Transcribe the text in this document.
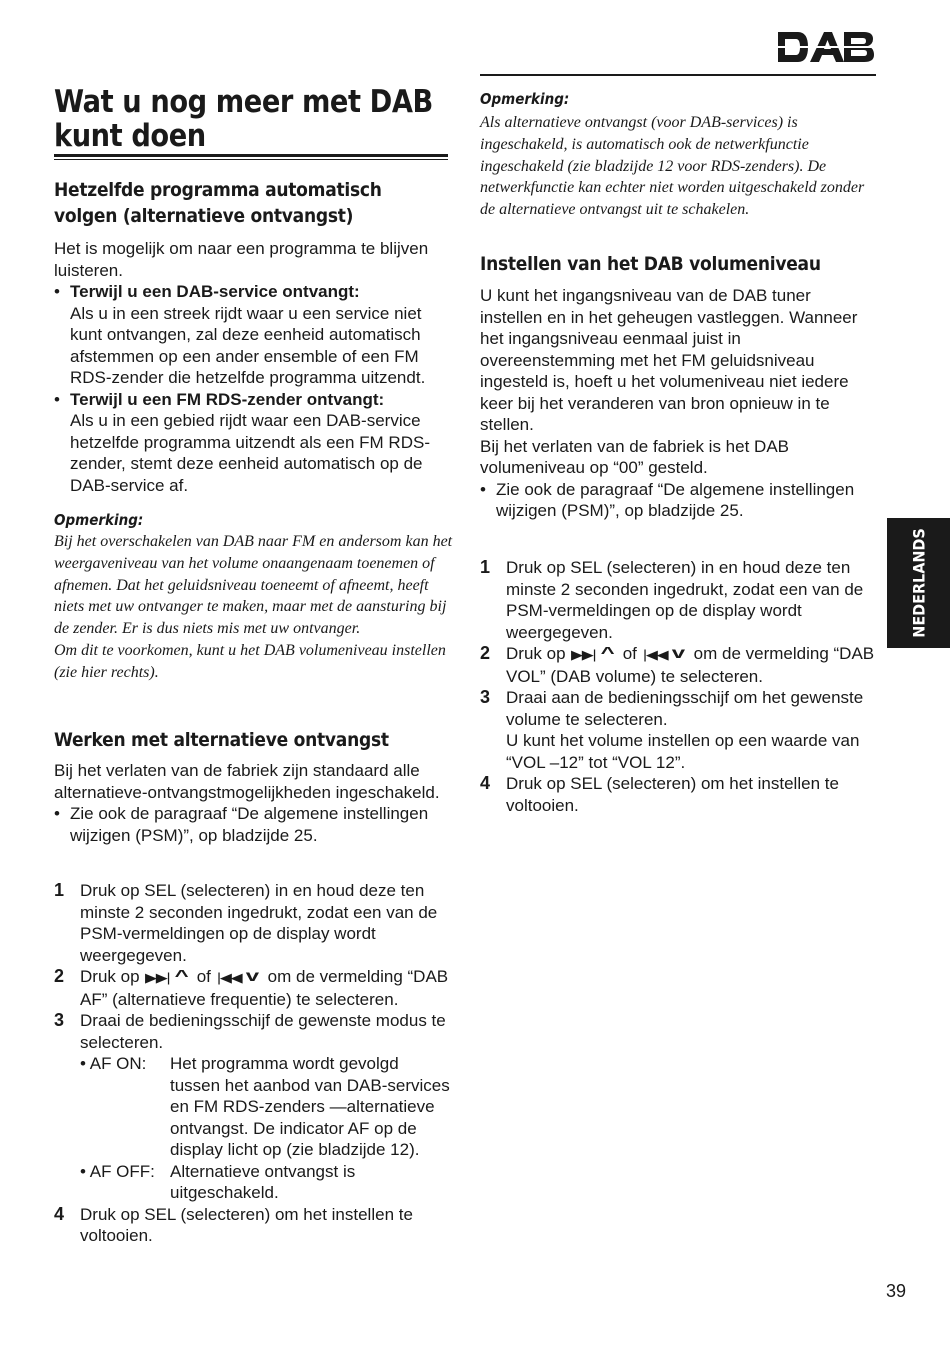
Wat u nog meer met DAB kunt doen
Hetzelfde programma automatisch volgen (alternatieve ontvangst)
Het is mogelijk om naar een programma te blijven luisteren.
• Terwijl u een DAB-service ontvangt:
Als u in een streek rijdt waar u een service niet kunt ontvangen, zal deze eenheid automatisch afstemmen op een ander ensemble of een FM RDS-zender die hetzelfde programma uitzendt.
• Terwijl u een FM RDS-zender ontvangt:
Als u in een gebied rijdt waar een DAB-service hetzelfde programma uitzendt als een FM RDS-zender, stemt deze eenheid automatisch op de DAB-service af.
Opmerking:
Bij het overschakelen van DAB naar FM en andersom kan het weergaveniveau van het volume onaangenaam toenemen of afnemen. Dat het geluidsniveau toeneemt of afneemt, heeft niets met uw ontvanger te maken, maar met de aansturing bij de zender. Er is dus niets mis met uw ontvanger.
Om dit te voorkomen, kunt u het DAB volumeniveau instellen (zie hier rechts).
Werken met alternatieve ontvangst
Bij het verlaten van de fabriek zijn standaard alle alternatieve-ontvangstmogelijkheden ingeschakeld.
• Zie ook de paragraaf “De algemene instellingen wijzigen (PSM)”, op bladzijde 25.
1 Druk op SEL (selecteren) in en houd deze ten minste 2 seconden ingedrukt, zodat een van de PSM-vermeldingen op de display wordt weergegeven.
2 Druk op ▶▶| ^ of |◀◀ v om de vermelding “DAB AF” (alternatieve frequentie) te selecteren.
3 Draai de bedieningsschijf de gewenste modus te selecteren.
• AF ON: Het programma wordt gevolgd tussen het aanbod van DAB-services en FM RDS-zenders —alternatieve ontvangst. De indicator AF op de display licht op (zie bladzijde 12).
• AF OFF: Alternatieve ontvangst is uitgeschakeld.
4 Druk op SEL (selecteren) om het instellen te voltooien.
Opmerking:
Als alternatieve ontvangst (voor DAB-services) is ingeschakeld, is automatisch ook de netwerkfunctie ingeschakeld (zie bladzijde 12 voor RDS-zenders). De netwerkfunctie kan echter niet worden uitgeschakeld zonder de alternatieve ontvangst uit te schakelen.
Instellen van het DAB volumeniveau
U kunt het ingangsniveau van de DAB tuner instellen en in het geheugen vastleggen. Wanneer het ingangsniveau eenmaal juist in overeenstemming met het FM geluidsniveau ingesteld is, hoeft u het volumeniveau niet iedere keer bij het veranderen van bron opnieuw in te stellen.
Bij het verlaten van de fabriek is het DAB volumeniveau op “00” gesteld.
• Zie ook de paragraaf “De algemene instellingen wijzigen (PSM)”, op bladzijde 25.
1 Druk op SEL (selecteren) in en houd deze ten minste 2 seconden ingedrukt, zodat een van de PSM-vermeldingen op de display wordt weergegeven.
2 Druk op ▶▶| ^ of |◀◀ v om de vermelding “DAB VOL” (DAB volume) te selecteren.
3 Draai aan de bedieningsschijf om het gewenste volume te selecteren.
U kunt het volume instellen op een waarde van “VOL –12” tot “VOL 12”.
4 Druk op SEL (selecteren) om het instellen te voltooien.
NEDERLANDS
39
